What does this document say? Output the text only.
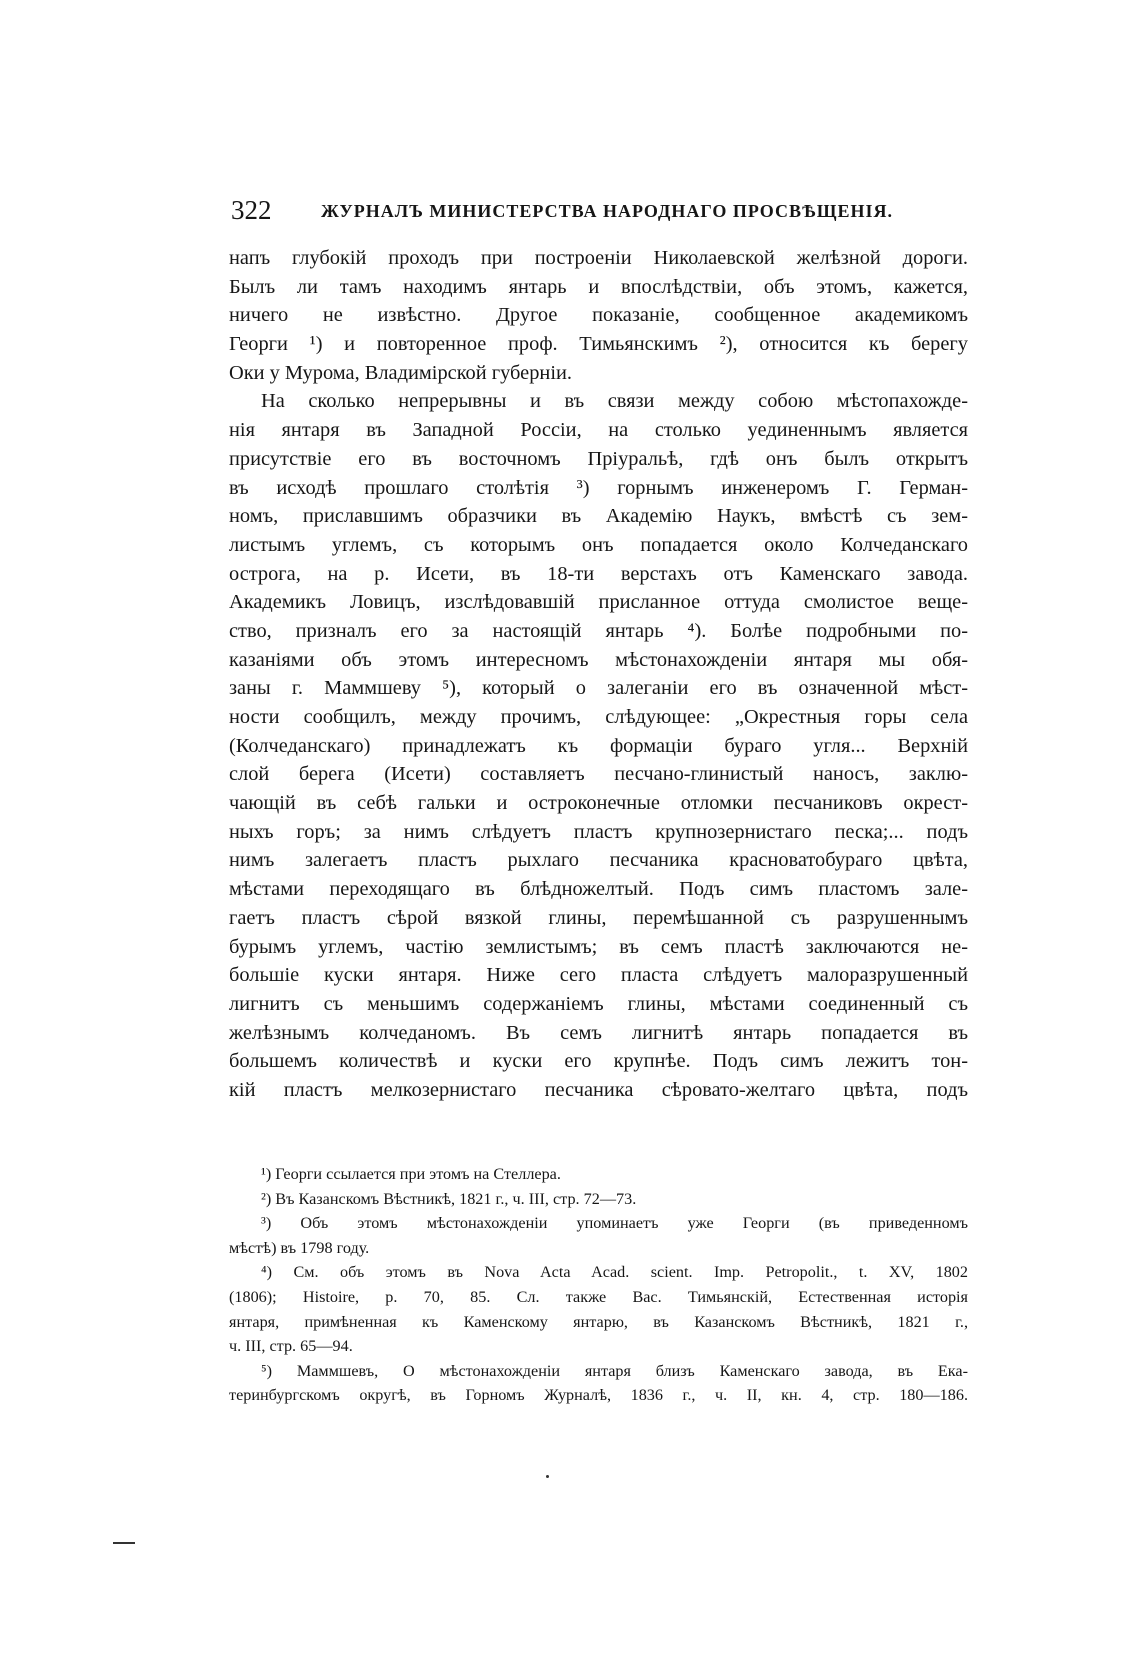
322	ЖУРНАЛЪ МИНИСТЕРСТВА НАРОДНАГО ПРОСВѢЩЕНІЯ.
напъ глубокій проходъ при построеніи Николаевской желѣзной дороги.
Былъ ли тамъ находимъ янтарь и впослѣдствіи, объ этомъ, кажется,
ничего не извѣстно. Другое показаніе, сообщенное академикомъ
Георги ¹) и повторенное проф. Тимьянскимъ ²), относится къ берегу
Оки у Мурома, Владимірской губерніи.
На сколько непрерывны и въ связи между собою мѣстопахожде-
нія янтаря въ Западной Россіи, на столько уединеннымъ является
присутствіе его въ восточномъ Пріуральѣ, гдѣ онъ былъ открытъ
въ исходѣ прошлаго столѣтія ³) горнымъ инженеромъ Г. Герман-
номъ, приславшимъ образчики въ Академію Наукъ, вмѣстѣ съ зем-
листымъ углемъ, съ которымъ онъ попадается около Колчеданскаго
острога, на р. Исети, въ 18-ти верстахъ отъ Каменскаго завода.
Академикъ Ловицъ, изслѣдовавшій присланное оттуда смолистое веще-
ство, призналъ его за настоящій янтарь ⁴). Болѣе подробными по-
казаніями объ этомъ интересномъ мѣстонахожденіи янтаря мы обя-
заны г. Маммшеву ⁵), который о залеганіи его въ означенной мѣст-
ности сообщилъ, между прочимъ, слѣдующее: „Окрестныя горы села
(Колчеданскаго) принадлежатъ къ формаціи бураго угля... Верхній
слой берега (Исети) составляетъ песчано-глинистый наносъ, заклю-
чающій въ себѣ гальки и остроконечные отломки песчаниковъ окрест-
ныхъ горъ; за нимъ слѣдуетъ пластъ крупнозернистаго песка;... подъ
нимъ залегаетъ пластъ рыхлаго песчаника красноватобураго цвѣта,
мѣстами переходящаго въ блѣдножелтый. Подъ симъ пластомъ зале-
гаетъ пластъ сѣрой вязкой глины, перемѣшанной съ разрушеннымъ
бурымъ углемъ, частію землистымъ; въ семъ пластѣ заключаются не-
большіе куски янтаря. Ниже сего пласта слѣдуетъ малоразрушенный
лигнитъ съ меньшимъ содержаніемъ глины, мѣстами соединенный съ
желѣзнымъ колчеданомъ. Въ семъ лигнитѣ янтарь попадается въ
большемъ количествѣ и куски его крупнѣе. Подъ симъ лежитъ тон-
кій пластъ мелкозернистаго песчаника сѣровато-желтаго цвѣта, подъ
¹) Георги ссылается при этомъ на Стеллера.
²) Въ Казанскомъ Вѣстникѣ, 1821 г., ч. III, стр. 72—73.
³) Объ этомъ мѣстонахожденіи упоминаетъ уже Георги (въ приведенномъ
мѣстѣ) въ 1798 году.
⁴) См. объ этомъ въ Nova Acta Acad. scient. Imp. Petropolit., t. XV, 1802
(1806); Histoire, p. 70, 85. Сл. также Вас. Тимьянскій, Естественная исторія
янтаря, примѣненная къ Каменскому янтарю, въ Казанскомъ Вѣстникѣ, 1821 г.,
ч. III, стр. 65—94.
⁵) Маммшевъ, О мѣстонахожденіи янтаря близъ Каменскаго завода, въ Ека-
теринбургскомъ округѣ, въ Горномъ Журналѣ, 1836 г., ч. II, кн. 4, стр. 180—186.
